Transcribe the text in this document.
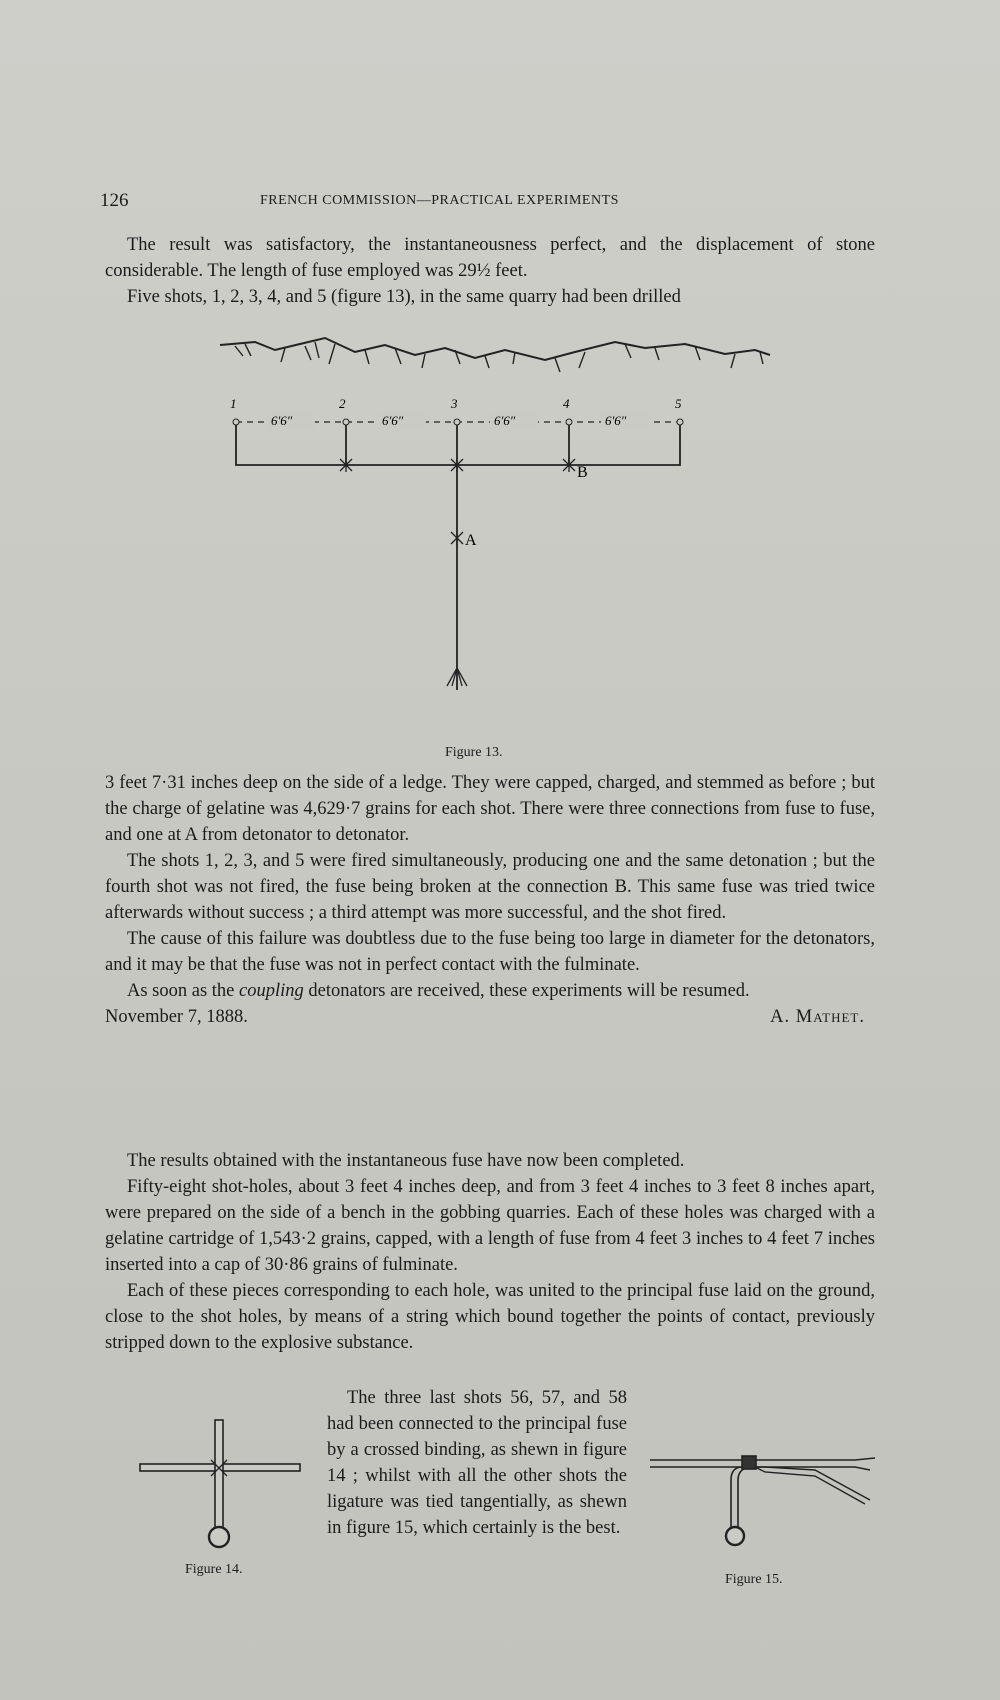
126	FRENCH COMMISSION—PRACTICAL EXPERIMENTS

The result was satisfactory, the instantaneousness perfect, and the displacement of stone considerable. The length of fuse employed was 29½ feet.

Five shots, 1, 2, 3, 4, and 5 (figure 13), in the same quarry had been drilled

1	2	3	4	5
6'6"	6'6"	6'6"	6'6"
B
A
Figure 13.

3 feet 7·31 inches deep on the side of a ledge. They were capped, charged, and stemmed as before ; but the charge of gelatine was 4,629·7 grains for each shot. There were three connections from fuse to fuse, and one at A from detonator to detonator.

The shots 1, 2, 3, and 5 were fired simultaneously, producing one and the same detonation ; but the fourth shot was not fired, the fuse being broken at the connection B. This same fuse was tried twice afterwards without success ; a third attempt was more successful, and the shot fired.

The cause of this failure was doubtless due to the fuse being too large in diameter for the detonators, and it may be that the fuse was not in perfect contact with the fulminate.

As soon as the coupling detonators are received, these experiments will be resumed.

November 7, 1888.	A. Mathet.

The results obtained with the instantaneous fuse have now been completed.

Fifty-eight shot-holes, about 3 feet 4 inches deep, and from 3 feet 4 inches to 3 feet 8 inches apart, were prepared on the side of a bench in the gobbing quarries. Each of these holes was charged with a gelatine cartridge of 1,543·2 grains, capped, with a length of fuse from 4 feet 3 inches to 4 feet 7 inches inserted into a cap of 30·86 grains of fulminate.

Each of these pieces corresponding to each hole, was united to the principal fuse laid on the ground, close to the shot holes, by means of a string which bound together the points of contact, previously stripped down to the explosive substance.

The three last shots 56, 57, and 58 had been connected to the principal fuse by a crossed binding, as shewn in figure 14 ; whilst with all the other shots the ligature was tied tangentially, as shewn in figure 15, which certainly is the best.

Figure 14.
Figure 15.
